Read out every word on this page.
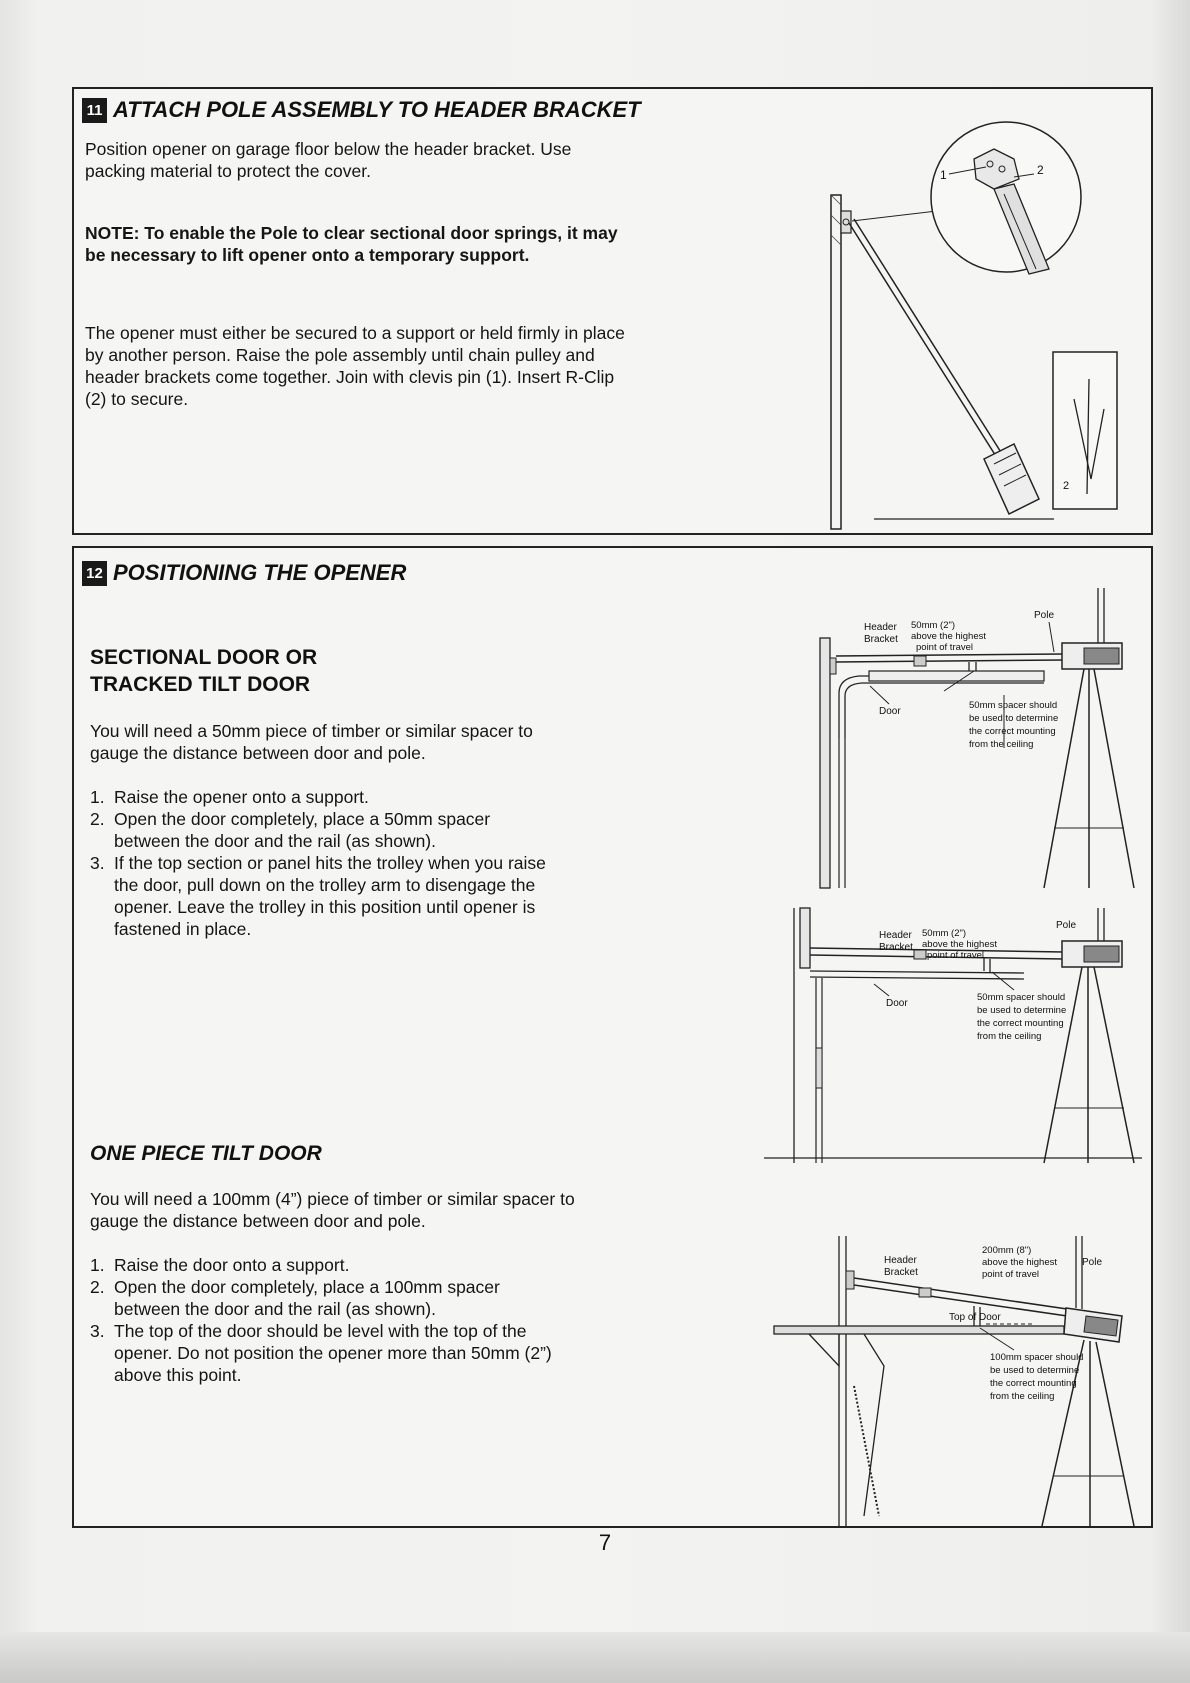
11 ATTACH POLE ASSEMBLY TO HEADER BRACKET

Position opener on garage floor below the header bracket. Use packing material to protect the cover.

NOTE: To enable the Pole to clear sectional door springs, it may be necessary to lift opener onto a temporary support.

The opener must either be secured to a support or held firmly in place by another person. Raise the pole assembly until chain pulley and header brackets come together. Join with clevis pin (1). Insert R-Clip (2) to secure.

1	2
2
12 POSITIONING THE OPENER
SECTIONAL DOOR OR
TRACKED TILT DOOR

You will need a 50mm piece of timber or similar spacer to gauge the distance between door and pole.

1. Raise the opener onto a support.
2. Open the door completely, place a 50mm spacer between the door and the rail (as shown).
3. If the top section or panel hits the trolley when you raise the door, pull down on the trolley arm to disengage the opener. Leave the trolley in this position until opener is fastened in place.
ONE PIECE TILT DOOR

You will need a 100mm (4”) piece of timber or similar spacer to gauge the distance between door and pole.

1. Raise the door onto a support.
2. Open the door completely, place a 100mm spacer between the door and the rail (as shown).
3. The top of the door should be level with the top of the opener. Do not position the opener more than 50mm (2”) above this point.
Header
Bracket
50mm (2")
above the highest
point of travel
Pole
Door
50mm spacer should
be used to determine
the correct mounting
from the ceiling
Header
Bracket
50mm (2")
above the highest
point of travel
Pole
Door
50mm spacer should
be used to determine
the correct mounting
from the ceiling
Header
Bracket
200mm (8")
above the highest
point of travel
Pole
Top of Door
100mm spacer should
be used to determine
the correct mounting
from the ceiling
7
